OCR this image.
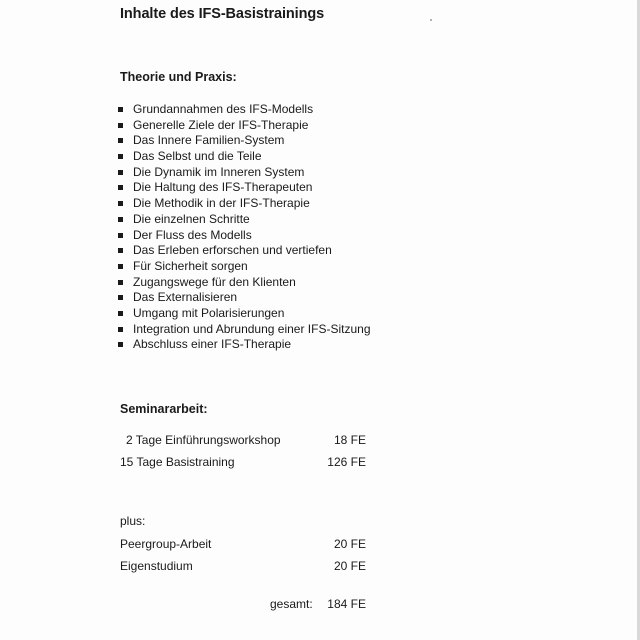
Inhalte des IFS-Basistrainings
Theorie und Praxis:
Grundannahmen des IFS-Modells
Generelle Ziele der IFS-Therapie
Das Innere Familien-System
Das Selbst und die Teile
Die Dynamik im Inneren System
Die Haltung des IFS-Therapeuten
Die Methodik in der IFS-Therapie
Die einzelnen Schritte
Der Fluss des Modells
Das Erleben erforschen und vertiefen
Für Sicherheit sorgen
Zugangswege für den Klienten
Das Externalisieren
Umgang mit Polarisierungen
Integration und Abrundung einer IFS-Sitzung
Abschluss einer IFS-Therapie
Seminararbeit:
2 Tage Einführungsworkshop	18 FE
15 Tage Basistraining	126 FE
plus:
Peergroup-Arbeit	20 FE
Eigenstudium	20 FE
gesamt: 184 FE
